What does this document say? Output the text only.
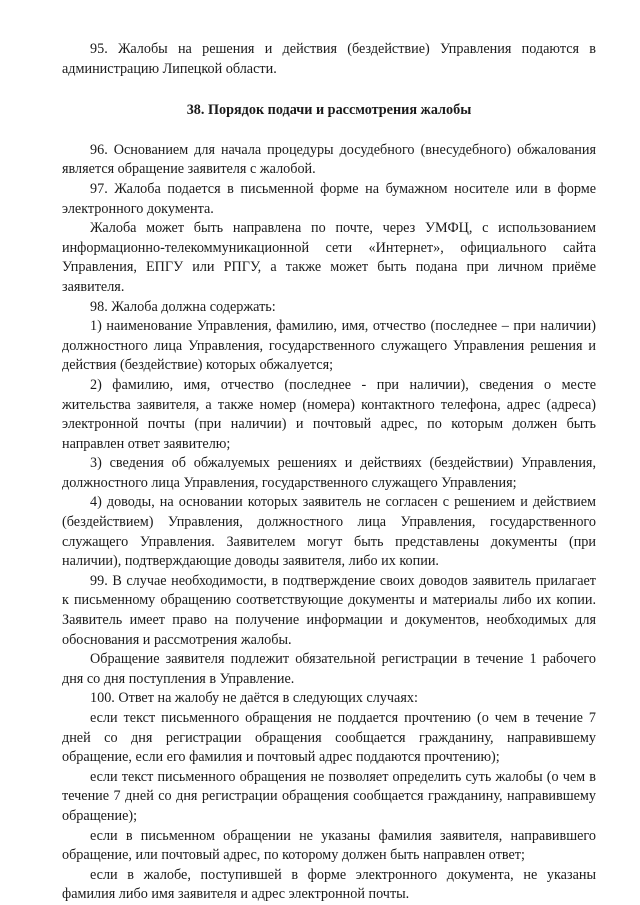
95. Жалобы на решения и действия (бездействие) Управления подаются в администрацию Липецкой области.

38. Порядок подачи и рассмотрения жалобы

96. Основанием для начала процедуры досудебного (внесудебного) обжалования является обращение заявителя с жалобой.

97. Жалоба подается в письменной форме на бумажном носителе или в форме электронного документа.

Жалоба может быть направлена по почте, через УМФЦ, с использованием информационно-телекоммуникационной сети «Интернет», официального сайта Управления, ЕПГУ или РПГУ, а также может быть подана при личном приёме заявителя.

98. Жалоба должна содержать:

1) наименование Управления, фамилию, имя, отчество (последнее – при наличии) должностного лица Управления, государственного служащего Управления решения и действия (бездействие) которых обжалуется;

2) фамилию, имя, отчество (последнее - при наличии), сведения о месте жительства заявителя, а также номер (номера) контактного телефона, адрес (адреса) электронной почты (при наличии) и почтовый адрес, по которым должен быть направлен ответ заявителю;

3) сведения об обжалуемых решениях и действиях (бездействии) Управления, должностного лица Управления, государственного служащего Управления;

4) доводы, на основании которых заявитель не согласен с решением и действием (бездействием) Управления, должностного лица Управления, государственного служащего Управления. Заявителем могут быть представлены документы (при наличии), подтверждающие доводы заявителя, либо их копии.

99. В случае необходимости, в подтверждение своих доводов заявитель прилагает к письменному обращению соответствующие документы и материалы либо их копии. Заявитель имеет право на получение информации и документов, необходимых для обоснования и рассмотрения жалобы.

Обращение заявителя подлежит обязательной регистрации в течение 1 рабочего дня со дня поступления в Управление.

100. Ответ на жалобу не даётся в следующих случаях:

если текст письменного обращения не поддается прочтению (о чем в течение 7 дней со дня регистрации обращения сообщается гражданину, направившему обращение, если его фамилия и почтовый адрес поддаются прочтению);

если текст письменного обращения не позволяет определить суть жалобы (о чем в течение 7 дней со дня регистрации обращения сообщается гражданину, направившему обращение);

если в письменном обращении не указаны фамилия заявителя, направившего обращение, или почтовый адрес, по которому должен быть направлен ответ;

если в жалобе, поступившей в форме электронного документа, не указаны фамилия либо имя заявителя и адрес электронной почты.
